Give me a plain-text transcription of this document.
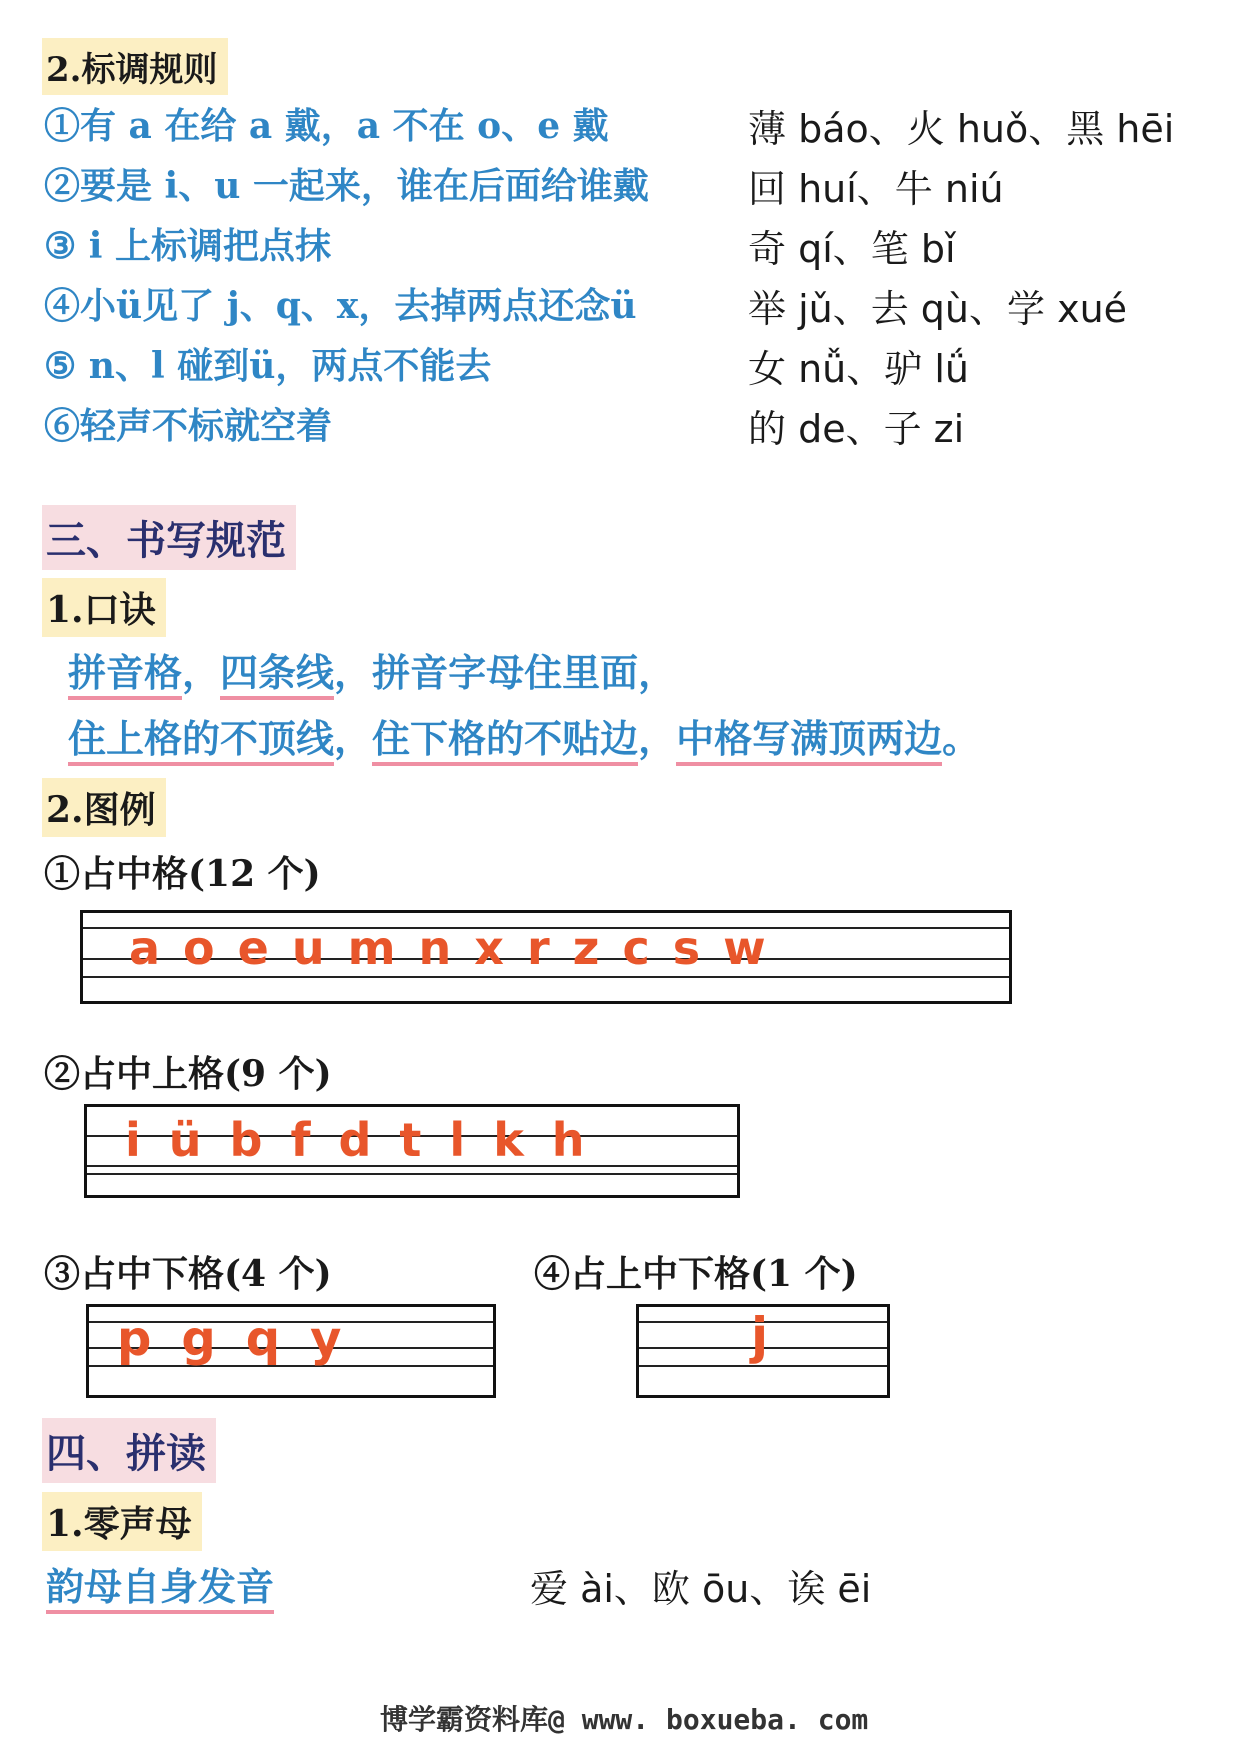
2.标调规则
①有 a 在给 a 戴，a 不在 o、e 戴
②要是 i、u 一起来，谁在后面给谁戴
③ i 上标调把点抹
④小ü见了 j、q、x，去掉两点还念ü
⑤ n、l 碰到ü，两点不能去
⑥轻声不标就空着
薄 báo、火 huǒ、黑 hēi
回 huí、牛 niú
奇 qí、笔 bǐ
举 jǔ、去 qù、学 xué
女 nǚ、驴 lǘ
的 de、子 zi
三、书写规范
1.口诀
拼音格，四条线，拼音字母住里面，
住上格的不顶线，住下格的不贴边，中格写满顶两边。
2.图例
①占中格(12 个)
a o e u m n x r z c s w
②占中上格(9 个)
i ü b f d t l k h
③占中下格(4 个)
p g q y
④占上中下格(1 个)
j
四、拼读
1.零声母
韵母自身发音	爱 ài、欧 ōu、诶 ēi
博学霸资料库@ www. boxueba. com
